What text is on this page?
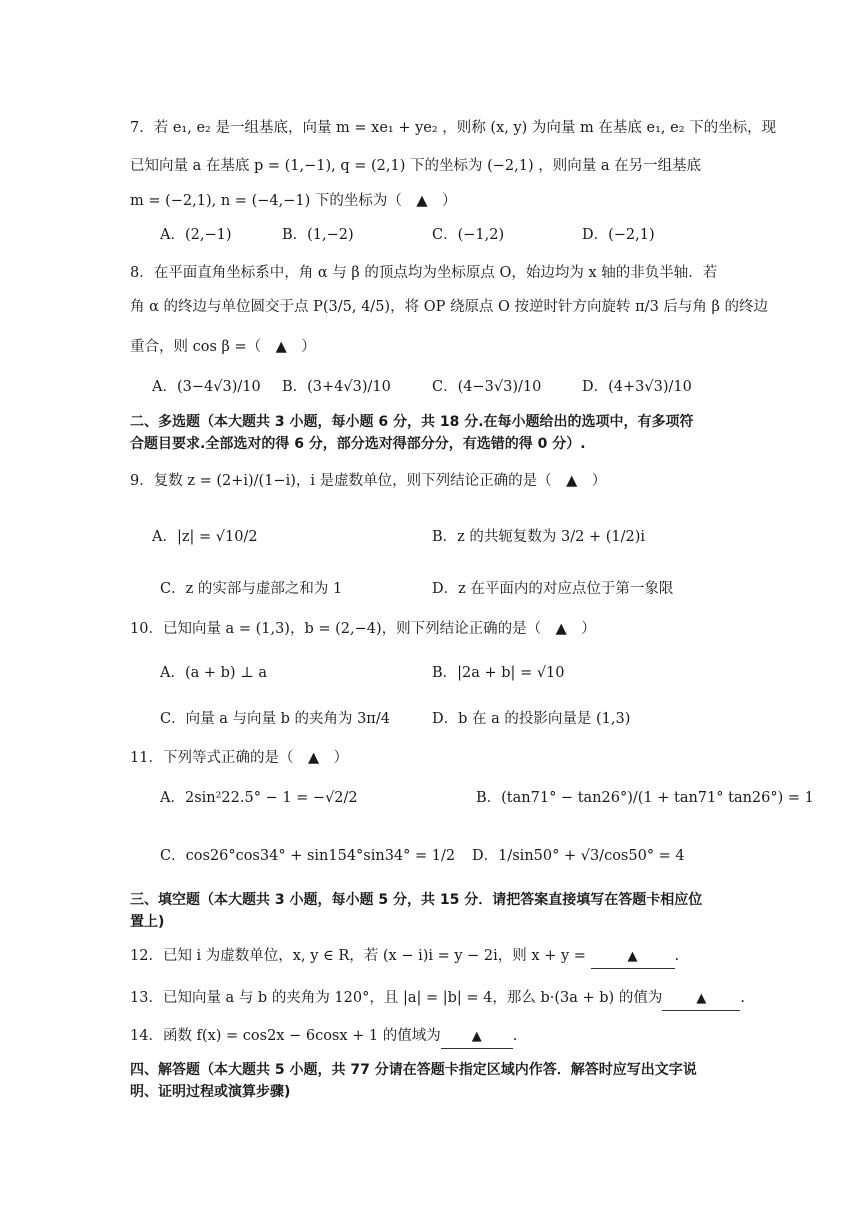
7．若 e₁, e₂ 是一组基底，向量 m = xe₁ + ye₂ ，则称 (x, y) 为向量 m 在基底 e₁, e₂ 下的坐标，现
已知向量 a 在基底 p = (1,−1), q = (2,1) 下的坐标为 (−2,1) ，则向量 a 在另一组基底
m = (−2,1), n = (−4,−1) 下的坐标为（　▲　）
A．(2,−1)	B．(1,−2)	C．(−1,2)	D．(−2,1)
8．在平面直角坐标系中，角 α 与 β 的顶点均为坐标原点 O，始边均为 x 轴的非负半轴．若
角 α 的终边与单位圆交于点 P(3/5, 4/5)，将 OP 绕原点 O 按逆时针方向旋转 π/3 后与角 β 的终边
重合，则 cos β =（　▲　）
A．(3−4√3)/10 B．(3+4√3)/10	C．(4−3√3)/10	D．(4+3√3)/10
二、多选题（本大题共 3 小题，每小题 6 分，共 18 分.在每小题给出的选项中，有多项符
合题目要求.全部选对的得 6 分，部分选对得部分分，有选错的得 0 分）.
9．复数 z = (2+i)/(1−i)，i 是虚数单位，则下列结论正确的是（　▲　）
A．|z| = √10/2	B．z 的共轭复数为 3/2 + (1/2)i
C．z 的实部与虚部之和为 1	D．z 在平面内的对应点位于第一象限
10．已知向量 a = (1,3)，b = (2,−4)，则下列结论正确的是（　▲　）
A．(a + b) ⊥ a	B．|2a + b| = √10
C．向量 a 与向量 b 的夹角为 3π/4	D．b 在 a 的投影向量是 (1,3)
11．下列等式正确的是（　▲　）
A．2sin²22.5° − 1 = −√2/2	B．(tan71° − tan26°)/(1 + tan71° tan26°) = 1
C．cos26°cos34° + sin154°sin34° = 1/2 D．1/sin50° + √3/cos50° = 4
三、填空题（本大题共 3 小题，每小题 5 分，共 15 分．请把答案直接填写在答题卡相应位
置上)
12．已知 i 为虚数单位，x, y ∈ R，若 (x − i)i = y − 2i，则 x + y =	▲	.
13．已知向量 a 与 b 的夹角为 120°，且 |a| = |b| = 4，那么 b·(3a + b) 的值为	▲ .
14．函数 f(x) = cos2x − 6cosx + 1 的值域为 ▲ .
四、解答题（本大题共 5 小题，共 77 分请在答题卡指定区域内作答．解答时应写出文字说
明、证明过程或演算步骤)
